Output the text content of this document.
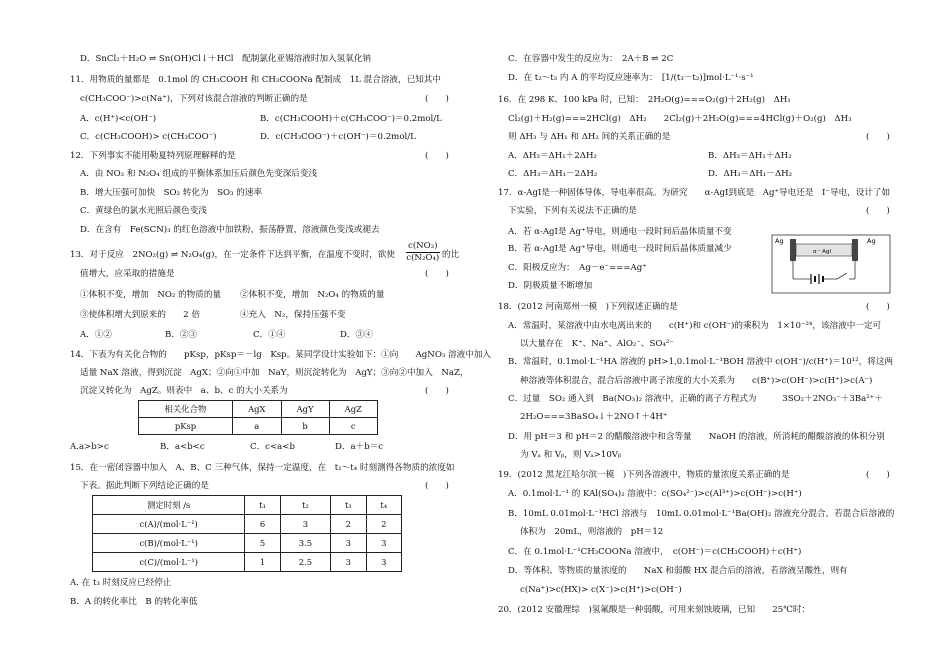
D．SnCl₂＋H₂O ⇌ Sn(OH)Cl↓＋HCl　配制氯化亚锡溶液时加入氢氧化钠
11．用物质的量都是　0.1mol 的 CH₃COOH 和 CH₃COONa 配制成　1L 混合溶液，已知其中
c(CH₃COO⁻)>c(Na⁺)，下列对该混合溶液的判断正确的是	(　　)
A．c(H⁺)<c(OH⁻)	B．c(CH₃COOH)＋c(CH₃COO⁻)＝0.2mol/L
C．c(CH₃COOH)> c(CH₃COO⁻)	D．c(CH₃COO⁻)＋c(OH⁻)＝0.2mol/L
12．下列事实不能用勒夏特列原理解释的是	(　　)
A．由 NO₂ 和 N₂O₄ 组成的平衡体系加压后颜色先变深后变浅
B．增大压强可加快　SO₂ 转化为　SO₃ 的速率
C．黄绿色的氯水光照后颜色变浅
D．在含有　Fe(SCN)₃ 的红色溶液中加铁粉，振荡静置，溶液颜色变浅或褪去
13．对于反应　2NO₂(g) ⇌ N₂O₄(g)，在一定条件下达到平衡，在温度不变时，欲使 $\frac{\text{c(NO₂)}}{\text{c(N₂O₄)}}$ 的比
值增大，应采取的措施是	(　　)
①体积不变，增加　NO₂ 的物质的量 ②体积不变，增加　N₂O₄ 的物质的量
③使体积增大到原来的　　2 倍	④充入　N₂，保持压强不变
A．①②	B．②③	C．①④	D．③④
14．下表为有关化合物的　　pKsp，pKsp＝－lg　Ksp。某同学设计实验如下：①向　　AgNO₃ 溶液中加入
适量 NaX 溶液，得到沉淀　AgX；②向①中加　NaY，则沉淀转化为　AgY；③向②中加入　NaZ，
沉淀又转化为　AgZ。则表中　a、b、c 的大小关系为	(　　)
相关化合物	AgX	AgY	AgZ
pKsp	a	b	c
A.a>b>c	B．a<b<c	C．c<a<b	D．a＋b＝c
15．在一密闭容器中加入　A、B、C 三种气体，保持一定温度，在　t₁～t₄ 时刻测得各物质的浓度如
下表。据此判断下列结论正确的是	(　　)
测定时刻 /s	t₁	t₂	t₃	t₄
c(A)/(mol·L⁻¹)	6	3	2	2
c(B)/(mol·L⁻¹)	5	3.5	3	3
c(C)/(mol·L⁻¹)	1	2.5	3	3
A. 在 t₃ 时刻反应已经停止
B．A 的转化率比　B 的转化率低
C．在容器中发生的反应为：　2A＋B ⇌ 2C
D．在 t₂～t₃ 内 A 的平均反应速率为：　[1/(t₃－t₂)]mol·L⁻¹·s⁻¹
16．在 298 K、100 kPa 时，已知：　2H₂O(g)===O₂(g)＋2H₂(g)　ΔH₁
Cl₂(g)＋H₂(g)===2HCl(g)　ΔH₂　　2Cl₂(g)＋2H₂O(g)===4HCl(g)＋O₂(g)　ΔH₃
则 ΔH₃ 与 ΔH₁ 和 ΔH₂ 间的关系正确的是	(　　)
A．ΔH₃＝ΔH₁＋2ΔH₂	B．ΔH₃＝ΔH₁＋ΔH₂
C．ΔH₃＝ΔH₁－2ΔH₂	D．ΔH₃＝ΔH₁－ΔH₂
17．α-AgI是一种固体导体，导电率很高。为研究　　α-AgI到底是　Ag⁺导电还是　I⁻导电，设计了如
下实验，下列有关说法不正确的是	(　　)
A．若 α-AgI是 Ag⁺导电，则通电一段时间后晶体质量不变
B．若 α-AgI是 Ag⁺导电，则通电一段时间后晶体质量减少
C．阳极反应为：　Ag－e⁻===Ag⁺
D．阴极质量不断增加
Ag
α－AgI
Ag
18．(2012 河南郑州一模　)下列叙述正确的是	(　　)
A．常温时，某溶液中由水电离出来的　　c(H⁺)和 c(OH⁻)的乘积为　1×10⁻²⁴，该溶液中一定可
以大量存在　K⁺、Na⁺、AlO₂⁻、SO₄²⁻
B．常温时，0.1mol·L⁻¹HA 溶液的 pH>1,0.1mol·L⁻¹BOH 溶液中 c(OH⁻)/c(H⁺)＝10¹²，将这两
种溶液等体积混合，混合后溶液中离子浓度的大小关系为　　c(B⁺)>c(OH⁻)>c(H⁺)>c(A⁻)
C．过量　SO₂ 通入到　Ba(NO₃)₂ 溶液中，正确的离子方程式为　　　3SO₂＋2NO₃⁻＋3Ba²⁺＋
2H₂O===3BaSO₄↓＋2NO↑＋4H⁺
D．用 pH＝3 和 pH＝2 的醋酸溶液中和含等量　　NaOH 的溶液，所消耗的醋酸溶液的体积分别
为 Vₐ 和 Vᵦ，则 Vₐ>10Vᵦ
19．(2012 黑龙江哈尔滨一模　)下列各溶液中，物质的量浓度关系正确的是	(　　)
A．0.1mol·L⁻¹ 的 KAl(SO₄)₂ 溶液中：c(SO₄²⁻)>c(Al³⁺)>c(OH⁻)>c(H⁺)
B．10mL 0.01mol·L⁻¹HCl 溶液与　10mL 0.01mol·L⁻¹Ba(OH)₂ 溶液充分混合，若混合后溶液的
体积为　20mL，则溶液的　pH＝12
C．在 0.1mol·L⁻¹CH₃COONa 溶液中，　c(OH⁻)＝c(CH₃COOH)＋c(H⁺)
D．等体积、等物质的量浓度的　　NaX 和弱酸 HX 混合后的溶液，若溶液呈酸性，则有
c(Na⁺)>c(HX)> c(X⁻)>c(H⁺)>c(OH⁻)
20．(2012 安徽理综　)氢氟酸是一种弱酸，可用来刻蚀玻璃，已知　　25℃时：
